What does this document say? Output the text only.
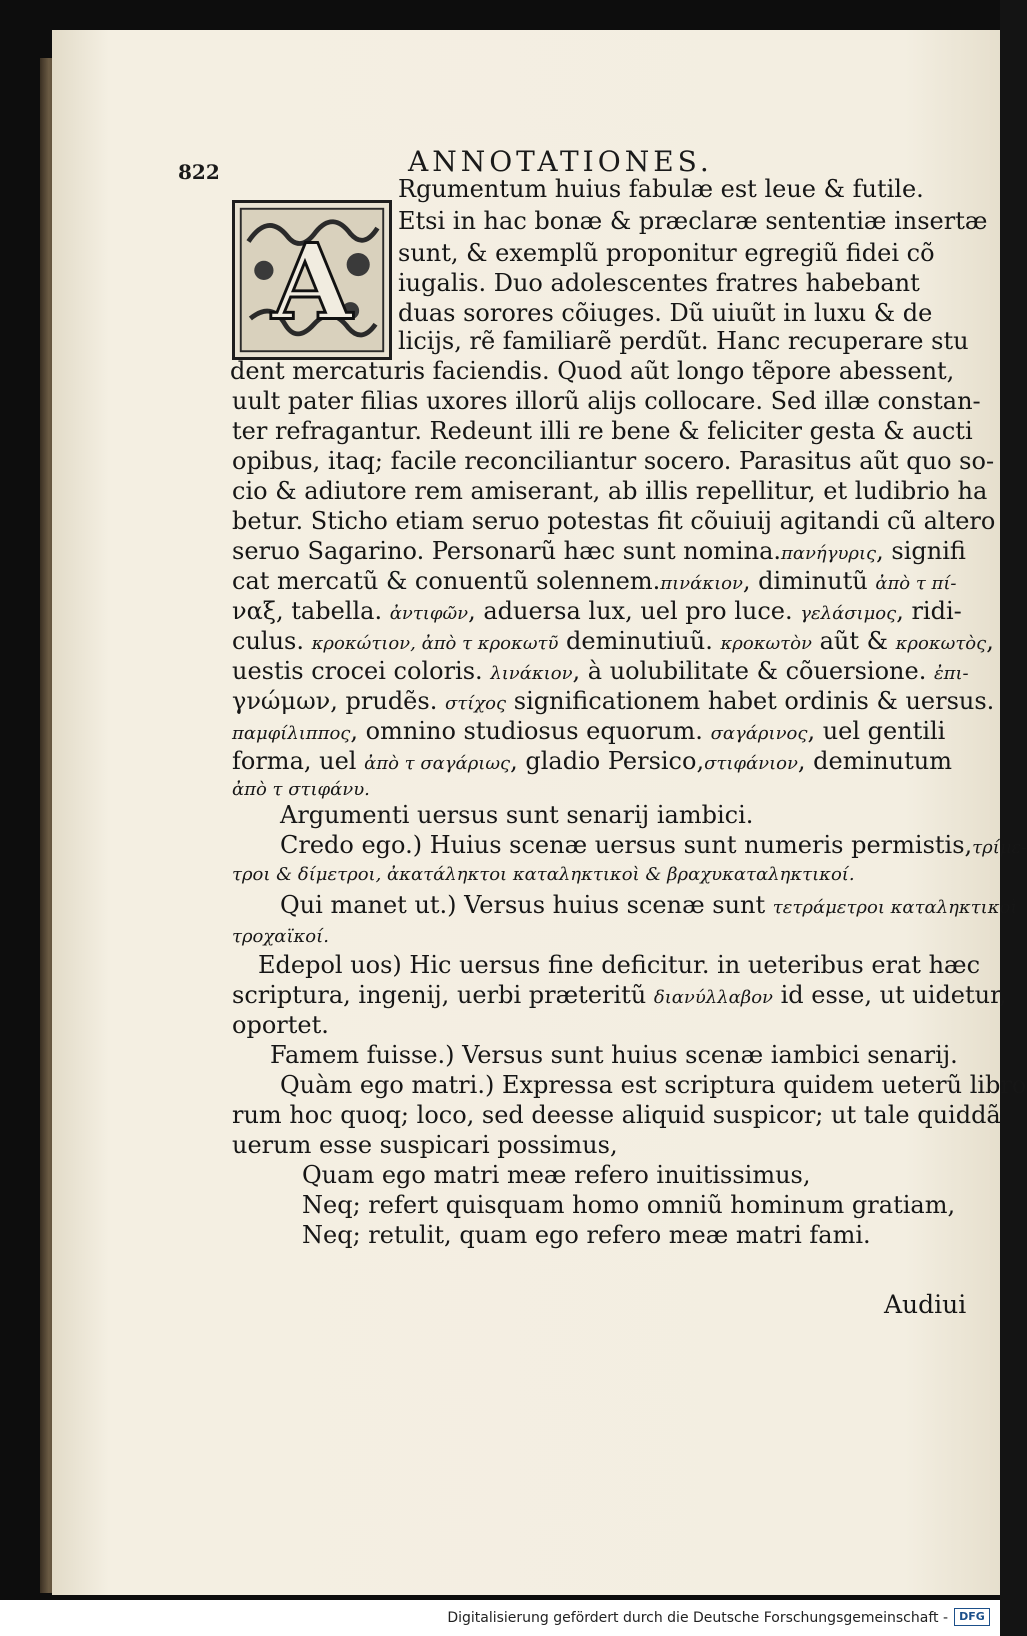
822	ANNOTATIONES.
A
Rgumentum huius fabulæ est leue & futile.
Etsi in hac bonæ & præclaræ sententiæ insertæ
sunt, & exemplũ proponitur egregiũ fidei cõ
iugalis. Duo adolescentes fratres habebant
duas sorores cõiuges. Dũ uiuũt in luxu & de
licijs, rẽ familiarẽ perdũt. Hanc recuperare stu
dent mercaturis faciendis. Quod aũt longo tẽpore abessent,
uult pater filias uxores illorũ alijs collocare. Sed illæ constan-
ter refragantur. Redeunt illi re bene & feliciter gesta & aucti
opibus, itaq; facile reconciliantur socero. Parasitus aũt quo so-
cio & adiutore rem amiserant, ab illis repellitur, et ludibrio ha
betur. Sticho etiam seruo potestas fit cõuiuij agitandi cũ altero
seruo Sagarino. Personarũ hæc sunt nomina.πανήγυρις, signifi
cat mercatũ & conuentũ solennem.πινάκιον, diminutũ ἀπὸ τ πί-
ναξ, tabella. ἀντιφῶν, aduersa lux, uel pro luce. γελάσιμος, ridi-
culus. κροκώτιον, ἀπὸ τ κροκωτῦ deminutiuũ. κροκωτὸν aũt & κροκωτὸς,
uestis crocei coloris. λινάκιον, à uolubilitate & cõuersione. ἐπι-
γνώμων, prudẽs. στίχος significationem habet ordinis & uersus.
παμφίλιππος, omnino studiosus equorum. σαγάρινος, uel gentili
forma, uel ἀπὸ τ σαγάριως, gladio Persico,στιφάνιον, deminutum
ἀπὸ τ στιφάνυ.
Argumenti uersus sunt senarij iambici.
Credo ego.) Huius scenæ uersus sunt numeris permistis,τρίμε-
τροι & δίμετροι, ἀκατάληκτοι καταληκτικοὶ & βραχυκαταληκτικοί.
Qui manet ut.) Versus huius scenæ sunt τετράμετροι καταληκτικοὶ
τροχαϊκοί.
Edepol uos) Hic uersus fine deficitur. in ueteribus erat hæc
scriptura, ingenij, uerbi præteritũ διανύλλαβον id esse, ut uidetur,
oportet.
Famem fuisse.) Versus sunt huius scenæ iambici senarij.
Quàm ego matri.) Expressa est scriptura quidem ueterũ libro
rum hoc quoq; loco, sed deesse aliquid suspicor; ut tale quiddã
uerum esse suspicari possimus,
Quam ego matri meæ refero inuitissimus,
Neq; refert quisquam homo omniũ hominum gratiam,
Neq; retulit, quam ego refero meæ matri fami.
Audiui
Digitalisierung gefördert durch die Deutsche Forschungsgemeinschaft -	DFG
